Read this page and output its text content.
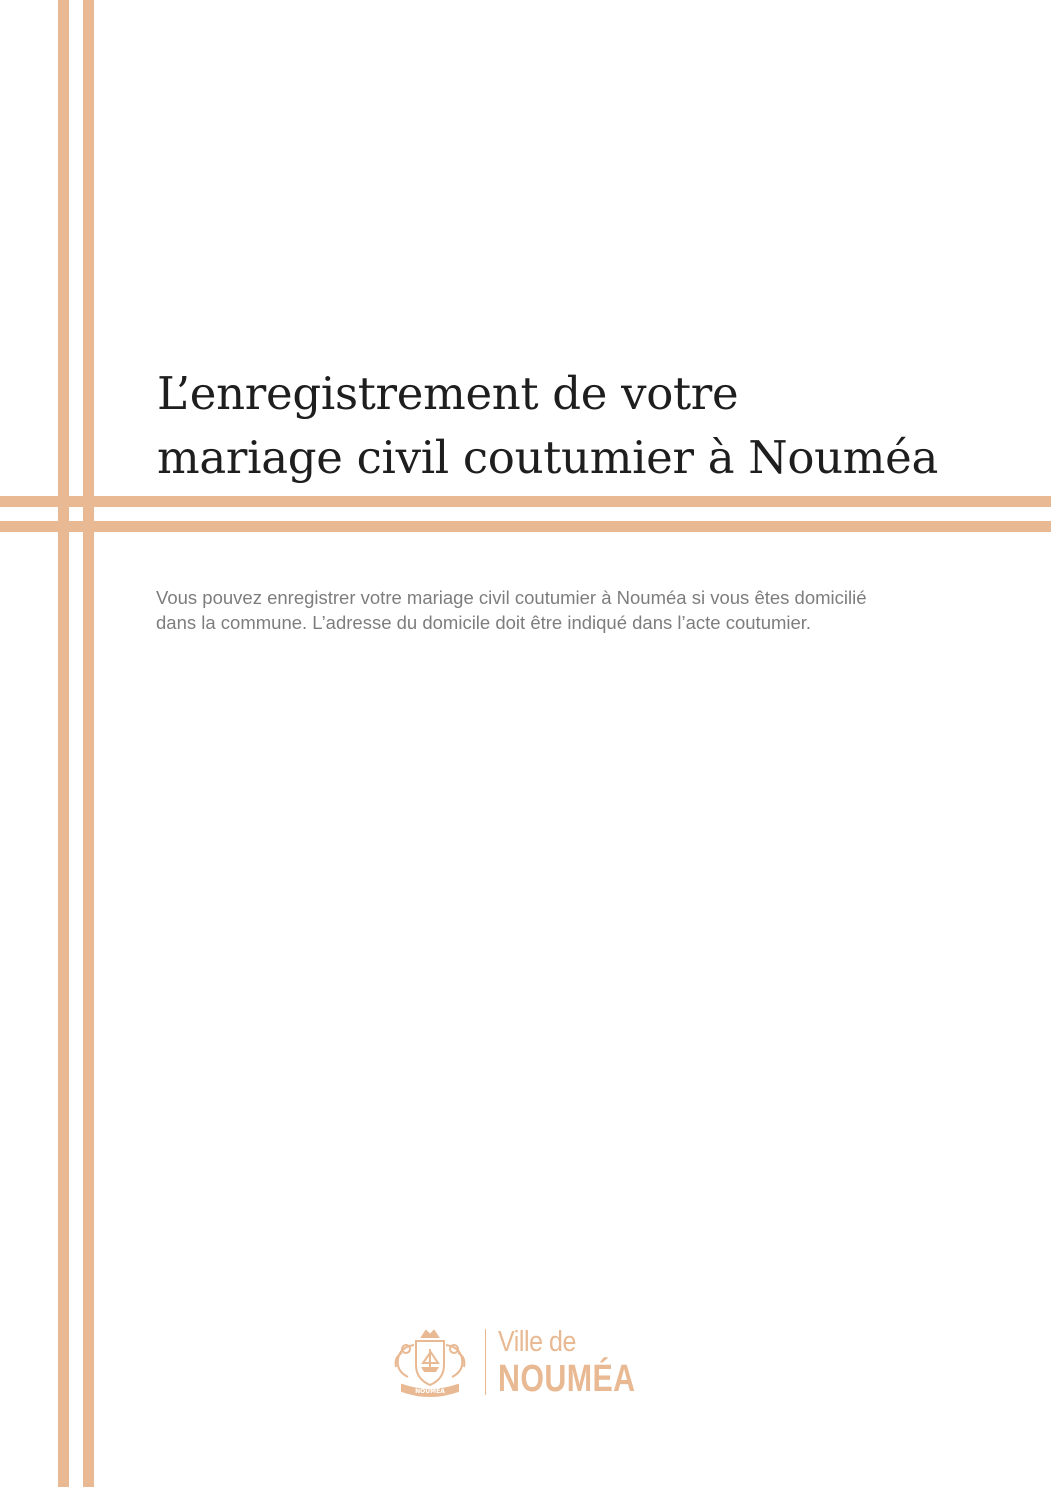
L’enregistrement de votre
mariage civil coutumier à Nouméa

Vous pouvez enregistrer votre mariage civil coutumier à Nouméa si vous êtes domicilié
dans la commune. L’adresse du domicile doit être indiqué dans l’acte coutumier.

NOUMÉA
Ville de
NOUMÉA
